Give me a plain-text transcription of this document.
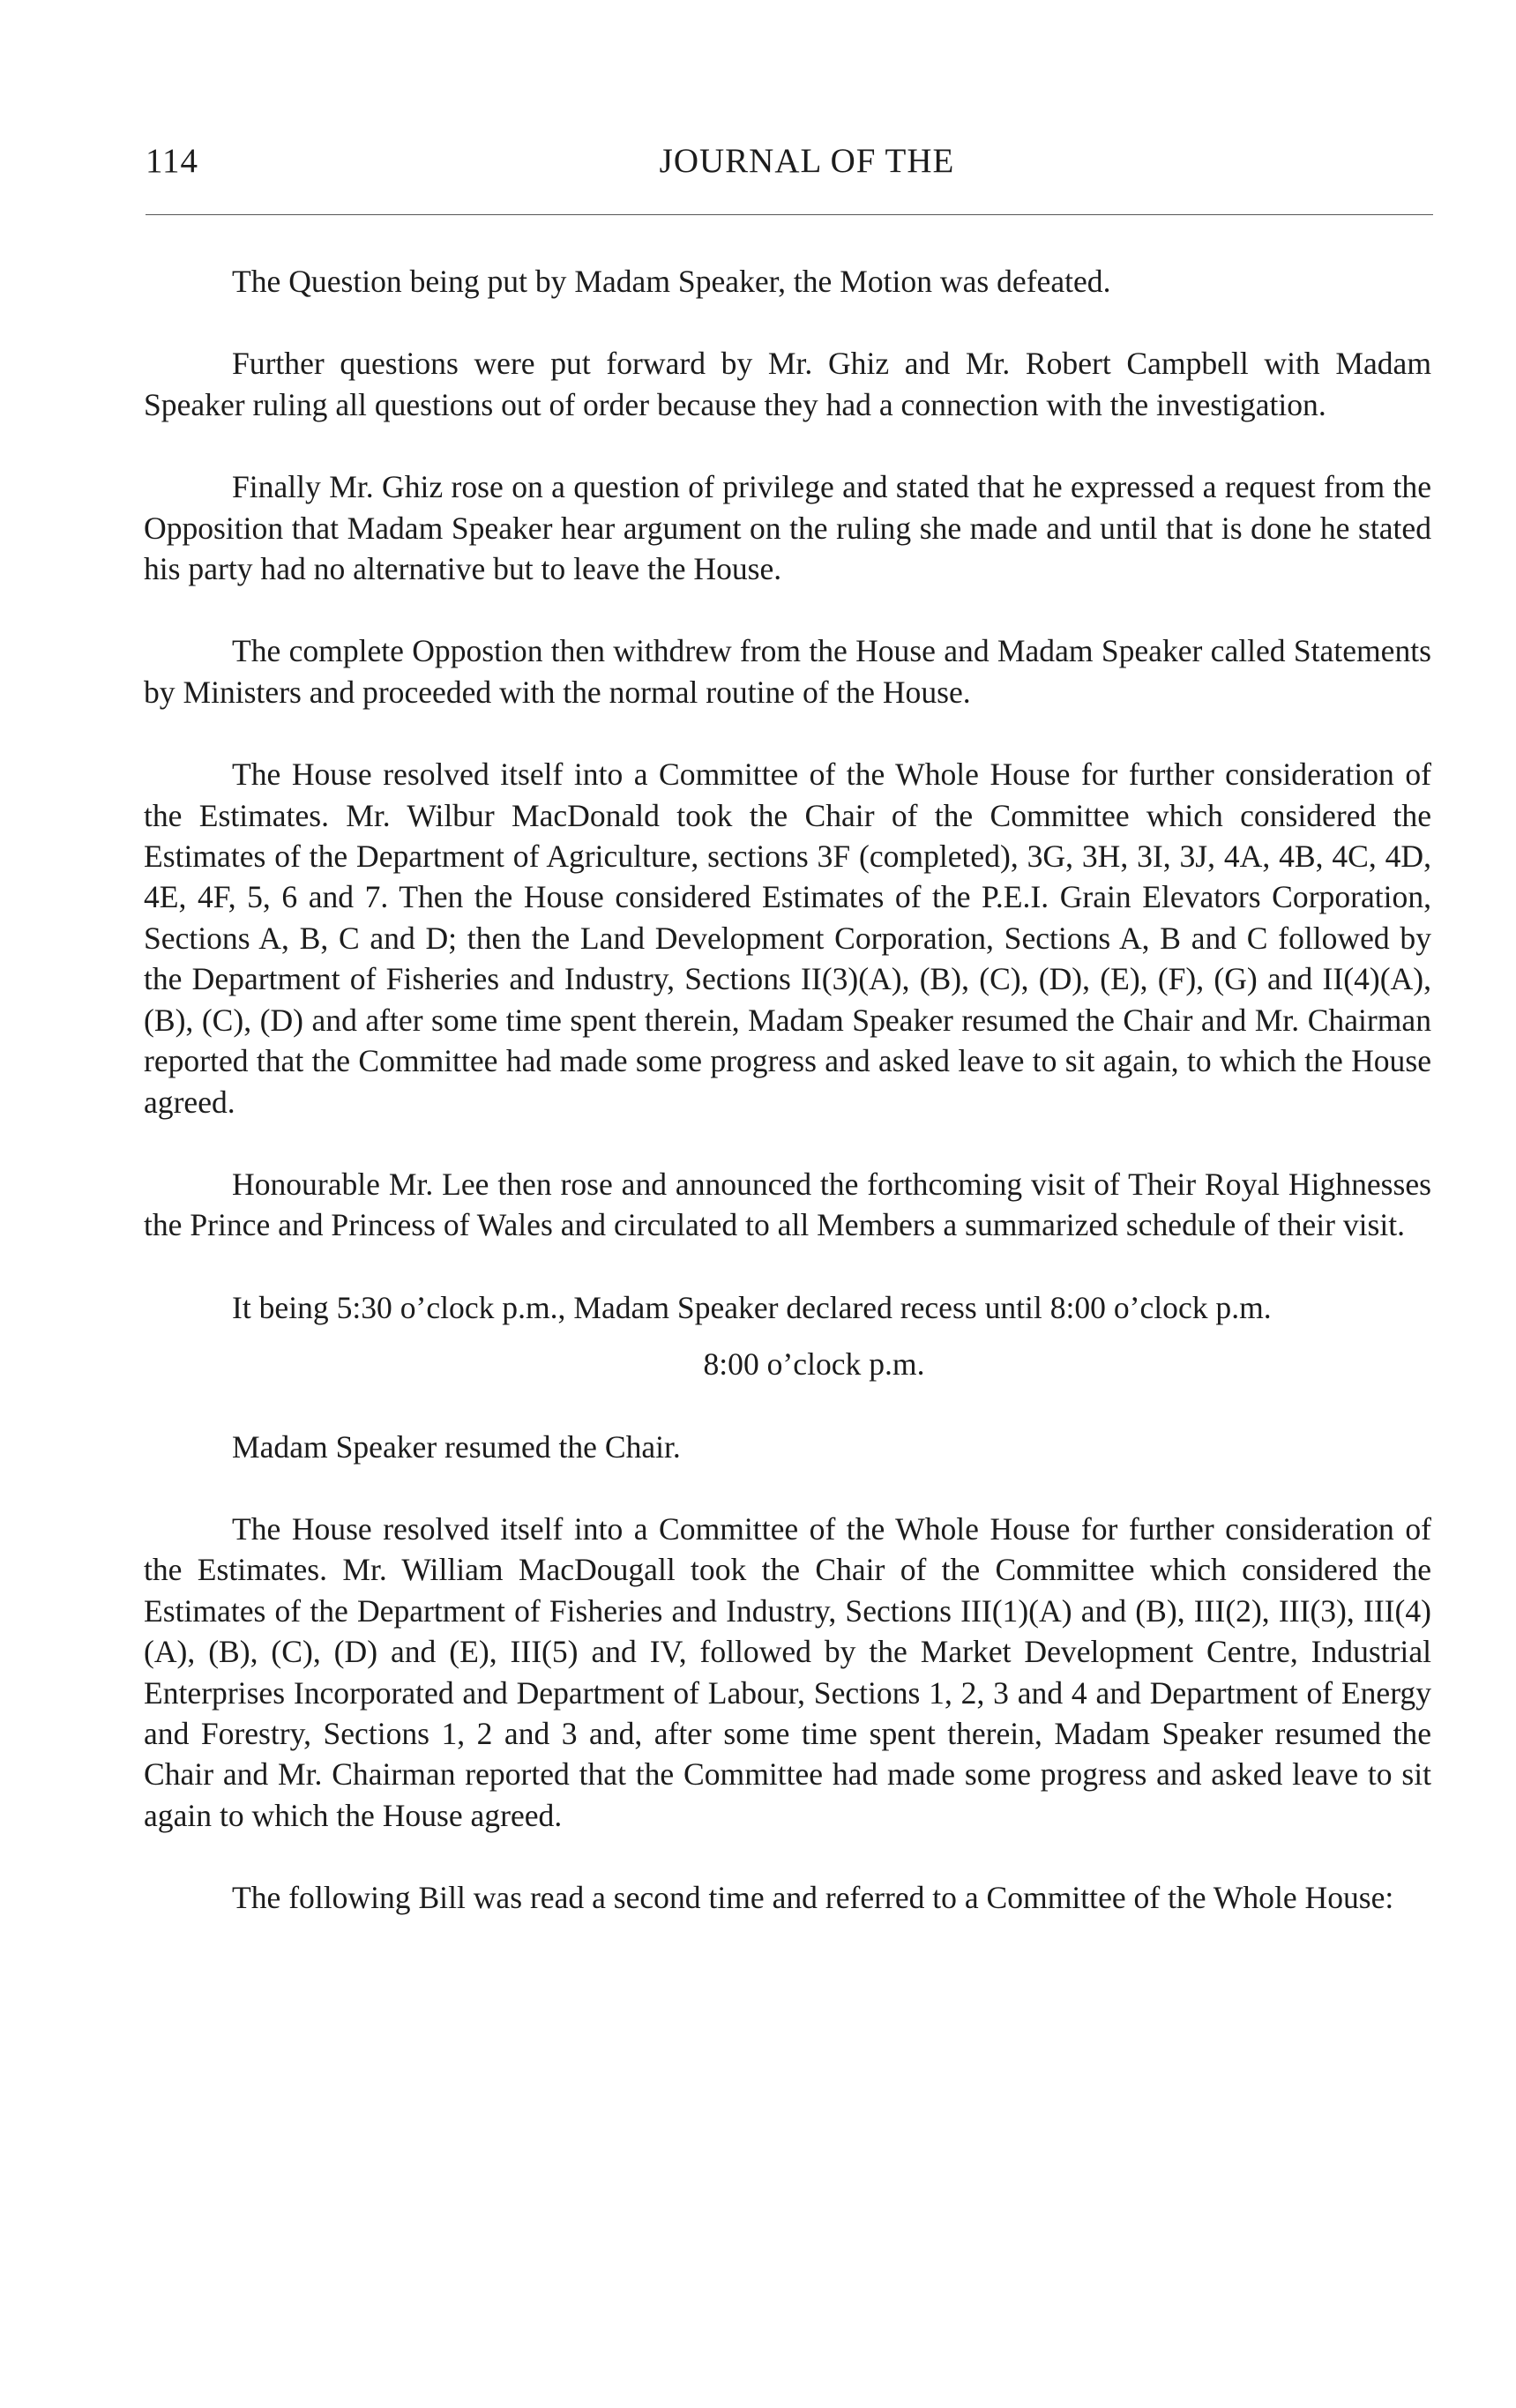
114	JOURNAL OF THE

The Question being put by Madam Speaker, the Motion was defeated.

Further questions were put forward by Mr. Ghiz and Mr. Robert Campbell with Madam Speaker ruling all questions out of order because they had a connection with the investigation.

Finally Mr. Ghiz rose on a question of privilege and stated that he expressed a request from the Opposition that Madam Speaker hear argument on the ruling she made and until that is done he stated his party had no alternative but to leave the House.

The complete Oppostion then withdrew from the House and Madam Speaker called Statements by Ministers and proceeded with the normal routine of the House.

The House resolved itself into a Committee of the Whole House for further consideration of the Estimates. Mr. Wilbur MacDonald took the Chair of the Committee which considered the Estimates of the Department of Agriculture, sections 3F (completed), 3G, 3H, 3I, 3J, 4A, 4B, 4C, 4D, 4E, 4F, 5, 6 and 7. Then the House considered Estimates of the P.E.I. Grain Elevators Corporation, Sections A, B, C and D; then the Land Development Corporation, Sections A, B and C followed by the Department of Fisheries and Industry, Sections II(3)(A), (B), (C), (D), (E), (F), (G) and II(4)(A), (B), (C), (D) and after some time spent therein, Madam Speaker resumed the Chair and Mr. Chairman reported that the Committee had made some progress and asked leave to sit again, to which the House agreed.

Honourable Mr. Lee then rose and announced the forthcoming visit of Their Royal Highnesses the Prince and Princess of Wales and circulated to all Members a summarized schedule of their visit.

It being 5:30 o’clock p.m., Madam Speaker declared recess until 8:00 o’clock p.m.

8:00 o’clock p.m.

Madam Speaker resumed the Chair.

The House resolved itself into a Committee of the Whole House for further consideration of the Estimates. Mr. William MacDougall took the Chair of the Committee which considered the Estimates of the Department of Fisheries and Industry, Sections III(1)(A) and (B), III(2), III(3), III(4)(A), (B), (C), (D) and (E), III(5) and IV, followed by the Market Development Centre, Industrial Enterprises Incorporated and Department of Labour, Sections 1, 2, 3 and 4 and Department of Energy and Forestry, Sections 1, 2 and 3 and, after some time spent therein, Madam Speaker resumed the Chair and Mr. Chairman reported that the Committee had made some progress and asked leave to sit again to which the House agreed.

The following Bill was read a second time and referred to a Committee of the Whole House:
